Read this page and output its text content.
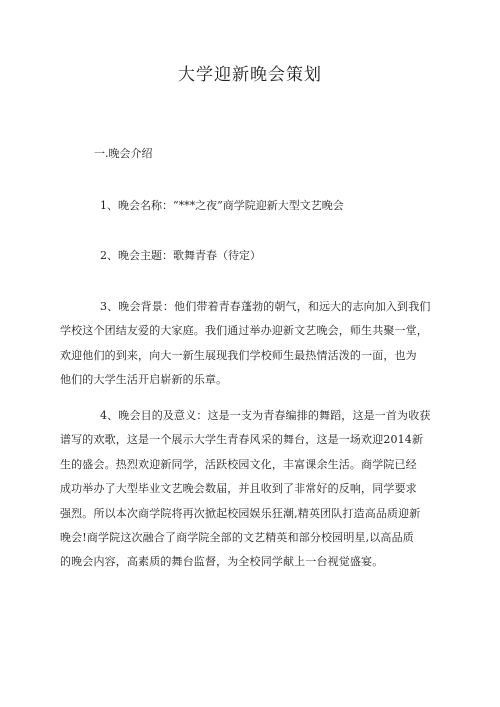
大学迎新晚会策划

一.晚会介绍

1、晚会名称：“***之夜”商学院迎新大型文艺晚会

2、晚会主题：歌舞青春（待定）

3、晚会背景：他们带着青春蓬勃的朝气，和远大的志向加入到我们
学校这个团结友爱的大家庭。我们通过举办迎新文艺晚会，师生共聚一堂，
欢迎他们的到来，向大一新生展现我们学校师生最热情活泼的一面，也为
他们的大学生活开启崭新的乐章。

4、晚会目的及意义：这是一支为青春编排的舞蹈，这是一首为收获
谱写的欢歌，这是一个展示大学生青春风采的舞台，这是一场欢迎2014新
生的盛会。热烈欢迎新同学，活跃校园文化，丰富课余生活。商学院已经
成功举办了大型毕业文艺晚会数届，并且收到了非常好的反响，同学要求
强烈。所以本次商学院将再次掀起校园娱乐狂潮,精英团队打造高品质迎新
晚会!商学院这次融合了商学院全部的文艺精英和部分校园明星,以高品质
的晚会内容，高素质的舞台监督，为全校同学献上一台视觉盛宴。
